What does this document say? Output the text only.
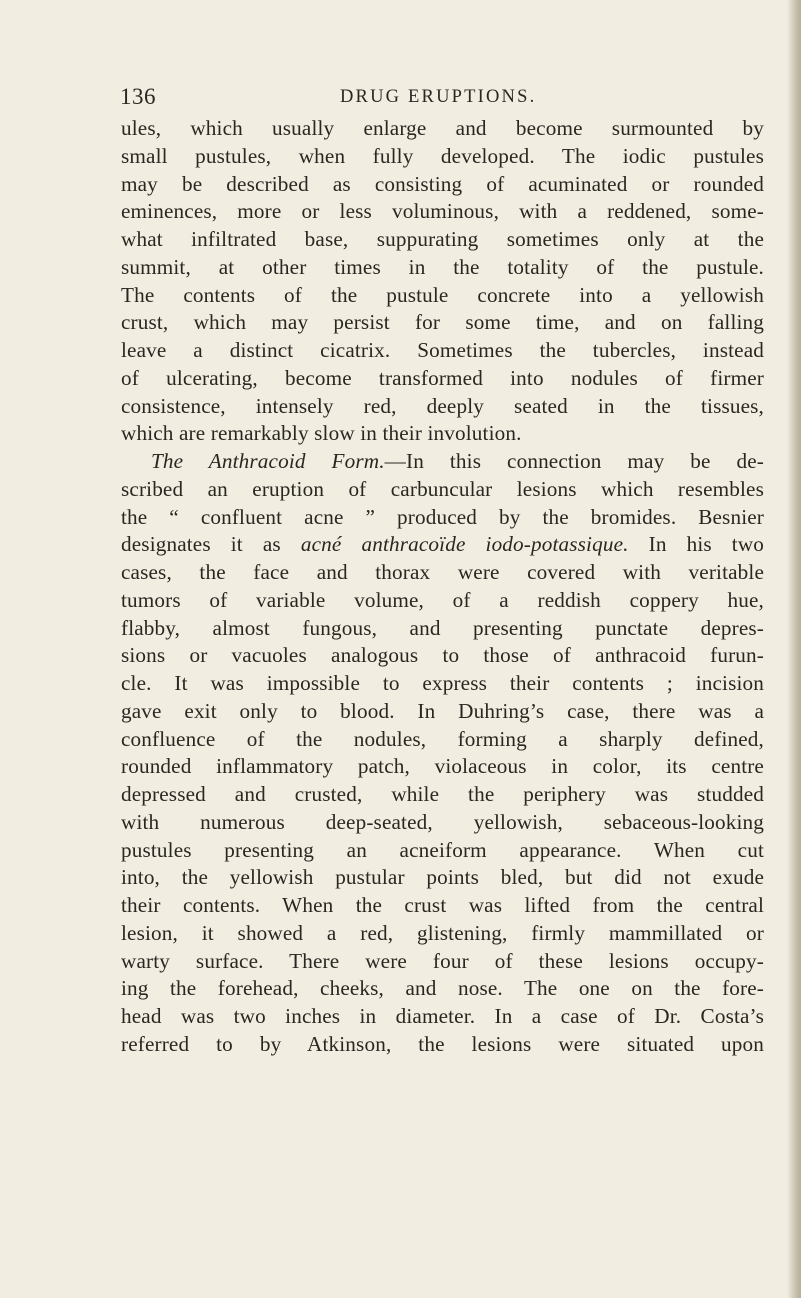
136	DRUG ERUPTIONS.
ules, which usually enlarge and become surmounted by
small pustules, when fully developed. The iodic pustules
may be described as consisting of acuminated or rounded
eminences, more or less voluminous, with a reddened, some-
what infiltrated base, suppurating sometimes only at the
summit, at other times in the totality of the pustule.
The contents of the pustule concrete into a yellowish
crust, which may persist for some time, and on falling
leave a distinct cicatrix. Sometimes the tubercles, instead
of ulcerating, become transformed into nodules of firmer
consistence, intensely red, deeply seated in the tissues,
which are remarkably slow in their involution.
The Anthracoid Form.—In this connection may be de-
scribed an eruption of carbuncular lesions which resembles
the “ confluent acne ” produced by the bromides. Besnier
designates it as acné anthracoïde iodo-potassique. In his two
cases, the face and thorax were covered with veritable
tumors of variable volume, of a reddish coppery hue,
flabby, almost fungous, and presenting punctate depres-
sions or vacuoles analogous to those of anthracoid furun-
cle. It was impossible to express their contents ; incision
gave exit only to blood. In Duhring’s case, there was a
confluence of the nodules, forming a sharply defined,
rounded inflammatory patch, violaceous in color, its centre
depressed and crusted, while the periphery was studded
with numerous deep-seated, yellowish, sebaceous-looking
pustules presenting an acneiform appearance. When cut
into, the yellowish pustular points bled, but did not exude
their contents. When the crust was lifted from the central
lesion, it showed a red, glistening, firmly mammillated or
warty surface. There were four of these lesions occupy-
ing the forehead, cheeks, and nose. The one on the fore-
head was two inches in diameter. In a case of Dr. Costa’s
referred to by Atkinson, the lesions were situated upon
